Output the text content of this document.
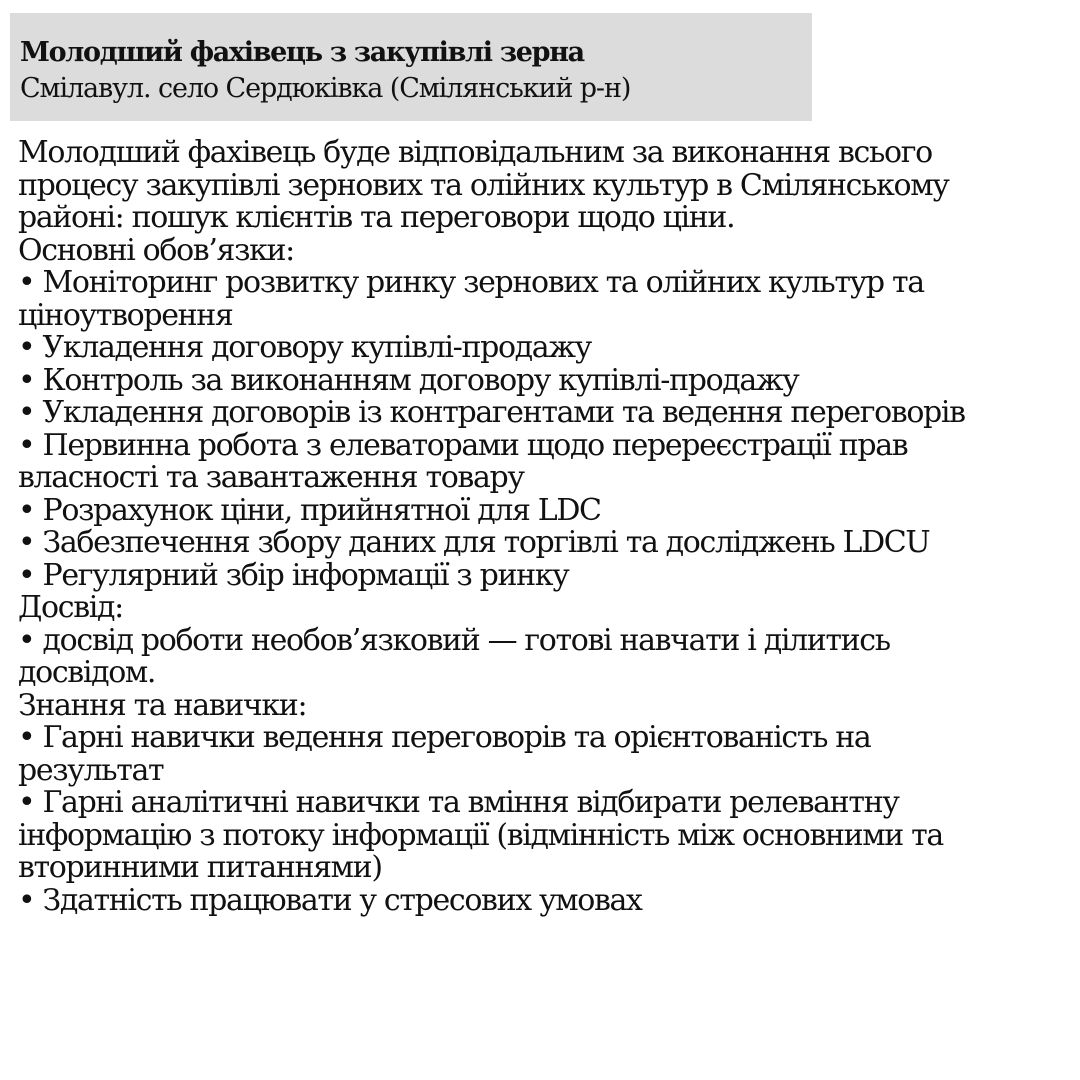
Молодший фахівець з закупівлі зерна
Смілавул. село Сердюківка (Смілянський р-н)
Молодший фахівець буде відповідальним за виконання всього
процесу закупівлі зернових та олійних культур в Смілянському
районі: пошук клієнтів та переговори щодо ціни.
Основні обов’язки:
• Моніторинг розвитку ринку зернових та олійних культур та
ціноутворення
• Укладення договору купівлі-продажу
• Контроль за виконанням договору купівлі-продажу
• Укладення договорів із контрагентами та ведення переговорів
• Первинна робота з елеваторами щодо перереєстрації прав
власності та завантаження товару
• Розрахунок ціни, прийнятної для LDC
• Забезпечення збору даних для торгівлі та досліджень LDCU
• Регулярний збір інформації з ринку
Досвід:
• досвід роботи необов’язковий — готові навчати і ділитись
досвідом.
Знання та навички:
• Гарні навички ведення переговорів та орієнтованість на
результат
• Гарні аналітичні навички та вміння відбирати релевантну
інформацію з потоку інформації (відмінність між основними та
вторинними питаннями)
• Здатність працювати у стресових умовах
